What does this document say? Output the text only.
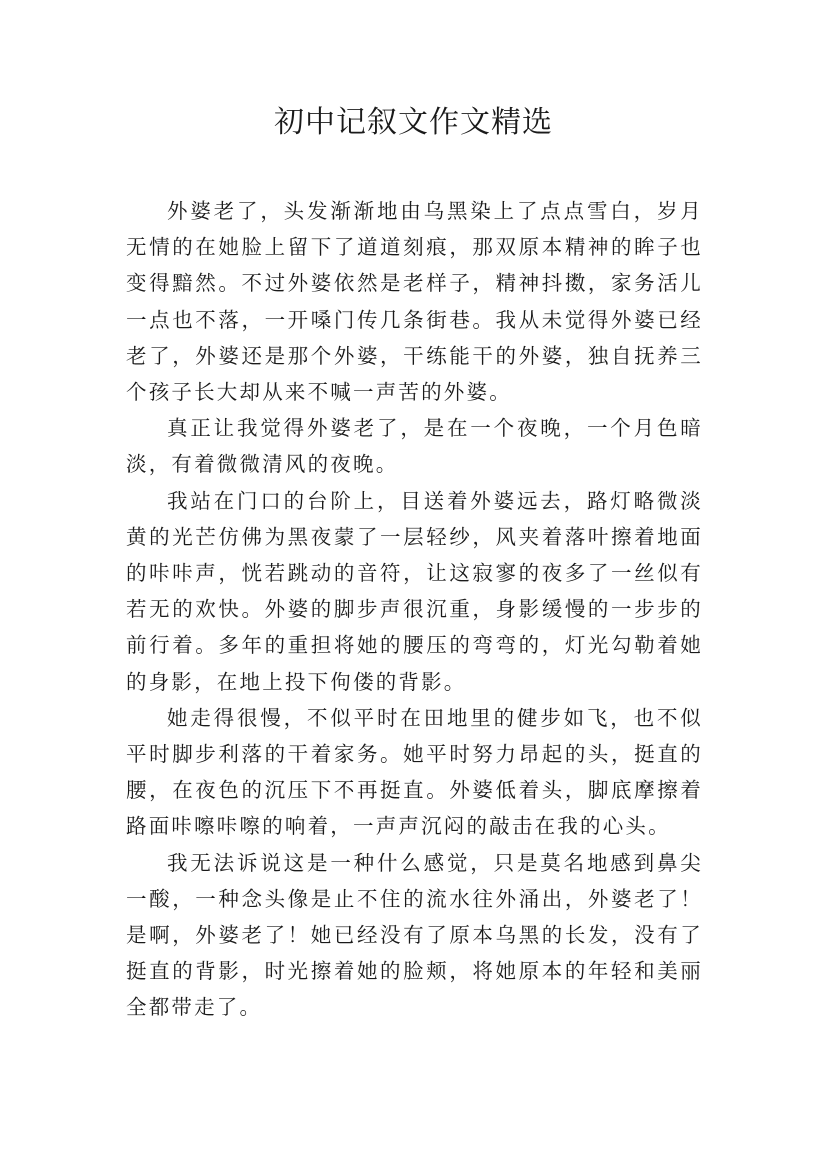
初中记叙文作文精选

外婆老了，头发渐渐地由乌黑染上了点点雪白，岁月无情的在她脸上留下了道道刻痕，那双原本精神的眸子也变得黯然。不过外婆依然是老样子，精神抖擞，家务活儿一点也不落，一开嗓门传几条街巷。我从未觉得外婆已经老了，外婆还是那个外婆，干练能干的外婆，独自抚养三个孩子长大却从来不喊一声苦的外婆。

真正让我觉得外婆老了，是在一个夜晚，一个月色暗淡，有着微微清风的夜晚。

我站在门口的台阶上，目送着外婆远去，路灯略微淡黄的光芒仿佛为黑夜蒙了一层轻纱，风夹着落叶擦着地面的咔咔声，恍若跳动的音符，让这寂寥的夜多了一丝似有若无的欢快。外婆的脚步声很沉重，身影缓慢的一步步的前行着。多年的重担将她的腰压的弯弯的，灯光勾勒着她的身影，在地上投下佝偻的背影。

她走得很慢，不似平时在田地里的健步如飞，也不似平时脚步利落的干着家务。她平时努力昂起的头，挺直的腰，在夜色的沉压下不再挺直。外婆低着头，脚底摩擦着路面咔嚓咔嚓的响着，一声声沉闷的敲击在我的心头。

我无法诉说这是一种什么感觉，只是莫名地感到鼻尖一酸，一种念头像是止不住的流水往外涌出，外婆老了！是啊，外婆老了！她已经没有了原本乌黑的长发，没有了挺直的背影，时光擦着她的脸颊，将她原本的年轻和美丽全都带走了。
